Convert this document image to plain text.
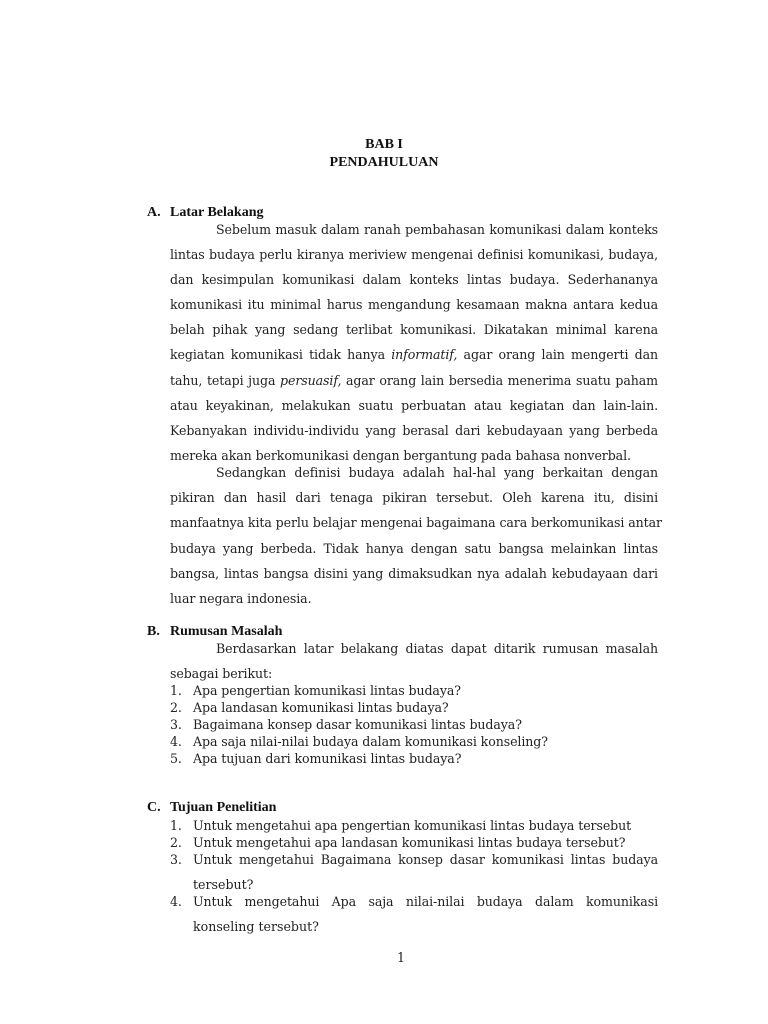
BAB I
PENDAHULUAN
A. Latar Belakang
Sebelum masuk dalam ranah pembahasan komunikasi dalam konteks
lintas budaya perlu kiranya meriview mengenai definisi komunikasi, budaya,
dan kesimpulan komunikasi dalam konteks lintas budaya. Sederhananya
komunikasi itu minimal harus mengandung kesamaan makna antara kedua
belah pihak yang sedang terlibat komunikasi. Dikatakan minimal karena
kegiatan komunikasi tidak hanya informatif, agar orang lain mengerti dan
tahu, tetapi juga persuasif, agar orang lain bersedia menerima suatu paham
atau keyakinan, melakukan suatu perbuatan atau kegiatan dan lain-lain.
Kebanyakan individu-individu yang berasal dari kebudayaan yang berbeda
mereka akan berkomunikasi dengan bergantung pada bahasa nonverbal.
Sedangkan definisi budaya adalah hal-hal yang berkaitan dengan
pikiran dan hasil dari tenaga pikiran tersebut. Oleh karena itu, disini
manfaatnya kita perlu belajar mengenai bagaimana cara berkomunikasi antar
budaya yang berbeda. Tidak hanya dengan satu bangsa melainkan lintas
bangsa, lintas bangsa disini yang dimaksudkan nya adalah kebudayaan dari
luar negara indonesia.
B. Rumusan Masalah
Berdasarkan latar belakang diatas dapat ditarik rumusan masalah
sebagai berikut:
1. Apa pengertian komunikasi lintas budaya?
2. Apa landasan komunikasi lintas budaya?
3. Bagaimana konsep dasar komunikasi lintas budaya?
4. Apa saja nilai-nilai budaya dalam komunikasi konseling?
5. Apa tujuan dari komunikasi lintas budaya?
C. Tujuan Penelitian
1. Untuk mengetahui apa pengertian komunikasi lintas budaya tersebut
2. Untuk mengetahui apa landasan komunikasi lintas budaya tersebut?
3. Untuk mengetahui Bagaimana konsep dasar komunikasi lintas budaya
tersebut?
4. Untuk mengetahui Apa saja nilai-nilai budaya dalam komunikasi
konseling tersebut?
1
